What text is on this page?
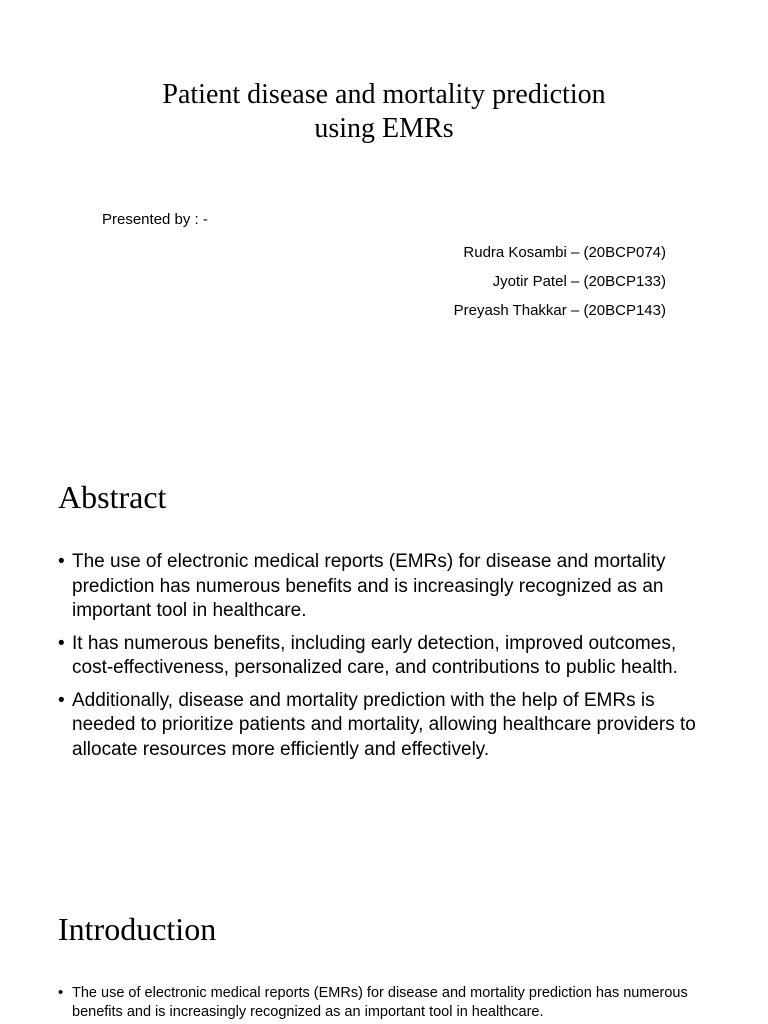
Patient disease and mortality prediction
using EMRs
Presented by : -
Rudra Kosambi – (20BCP074)
Jyotir Patel – (20BCP133)
Preyash Thakkar – (20BCP143)
Abstract
• The use of electronic medical reports (EMRs) for disease and mortality prediction has numerous benefits and is increasingly recognized as an important tool in healthcare.
• It has numerous benefits, including early detection, improved outcomes, cost-effectiveness, personalized care, and contributions to public health.
• Additionally, disease and mortality prediction with the help of EMRs is needed to prioritize patients and mortality, allowing healthcare providers to allocate resources more efficiently and effectively.
Introduction
• The use of electronic medical reports (EMRs) for disease and mortality prediction has numerous benefits and is increasingly recognized as an important tool in healthcare.
